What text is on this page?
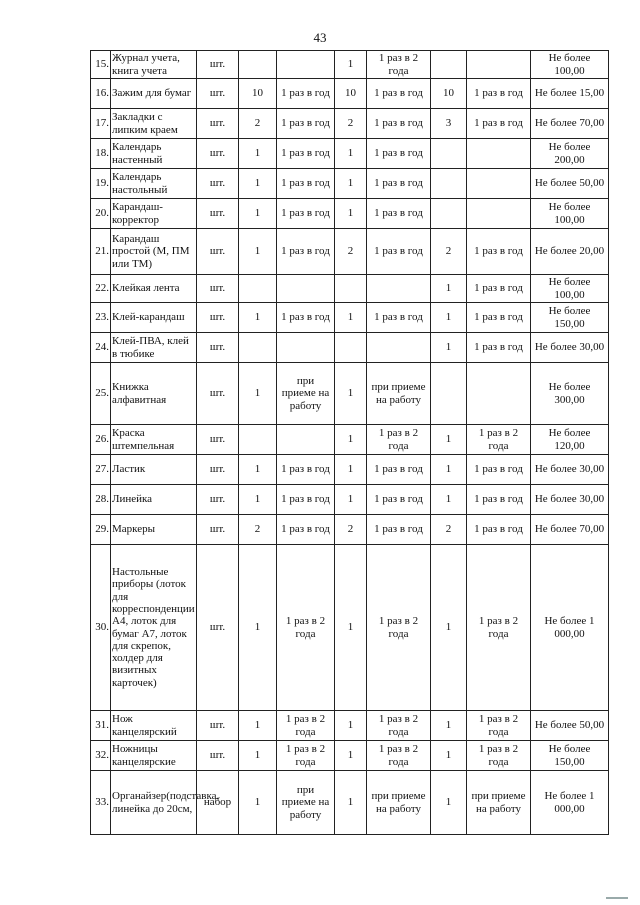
43
15.	Журнал учета, книга учета	шт.			1	1 раз в 2 года			Не более 100,00
16.	Зажим для бумаг	шт.	10	1 раз в год	10	1 раз в год	10	1 раз в год	Не более 15,00
17.	Закладки с липким краем	шт.	2	1 раз в год	2	1 раз в год	3	1 раз в год	Не более 70,00
18.	Календарь настенный	шт.	1	1 раз в год	1	1 раз в год			Не более 200,00
19.	Календарь настольный	шт.	1	1 раз в год	1	1 раз в год			Не более 50,00
20.	Карандаш-корректор	шт.	1	1 раз в год	1	1 раз в год			Не более 100,00
21.	Карандаш простой (М, ПМ или ТМ)	шт.	1	1 раз в год	2	1 раз в год	2	1 раз в год	Не более 20,00
22.	Клейкая лента	шт.					1	1 раз в год	Не более 100,00
23.	Клей-карандаш	шт.	1	1 раз в год	1	1 раз в год	1	1 раз в год	Не более 150,00
24.	Клей-ПВА, клей в тюбике	шт.					1	1 раз в год	Не более 30,00
25.	Книжка алфавитная	шт.	1	при приеме на работу	1	при приеме на работу			Не более 300,00
26.	Краска штемпельная	шт.			1	1 раз в 2 года	1	1 раз в 2 года	Не более 120,00
27.	Ластик	шт.	1	1 раз в год	1	1 раз в год	1	1 раз в год	Не более 30,00
28.	Линейка	шт.	1	1 раз в год	1	1 раз в год	1	1 раз в год	Не более 30,00
29.	Маркеры	шт.	2	1 раз в год	2	1 раз в год	2	1 раз в год	Не более 70,00
30.	Настольные приборы (лоток для корреспонденции А4, лоток для бумаг А7, лоток для скрепок, холдер для визитных карточек)	шт.	1	1 раз в 2 года	1	1 раз в 2 года	1	1 раз в 2 года	Не более 1 000,00
31.	Нож канцелярский	шт.	1	1 раз в 2 года	1	1 раз в 2 года	1	1 раз в 2 года	Не более 50,00
32.	Ножницы канцелярские	шт.	1	1 раз в 2 года	1	1 раз в 2 года	1	1 раз в 2 года	Не более 150,00
33.	Органайзер(подставка, линейка до 20см,	набор	1	при приеме на работу	1	при приеме на работу	1	при приеме на работу	Не более 1 000,00
